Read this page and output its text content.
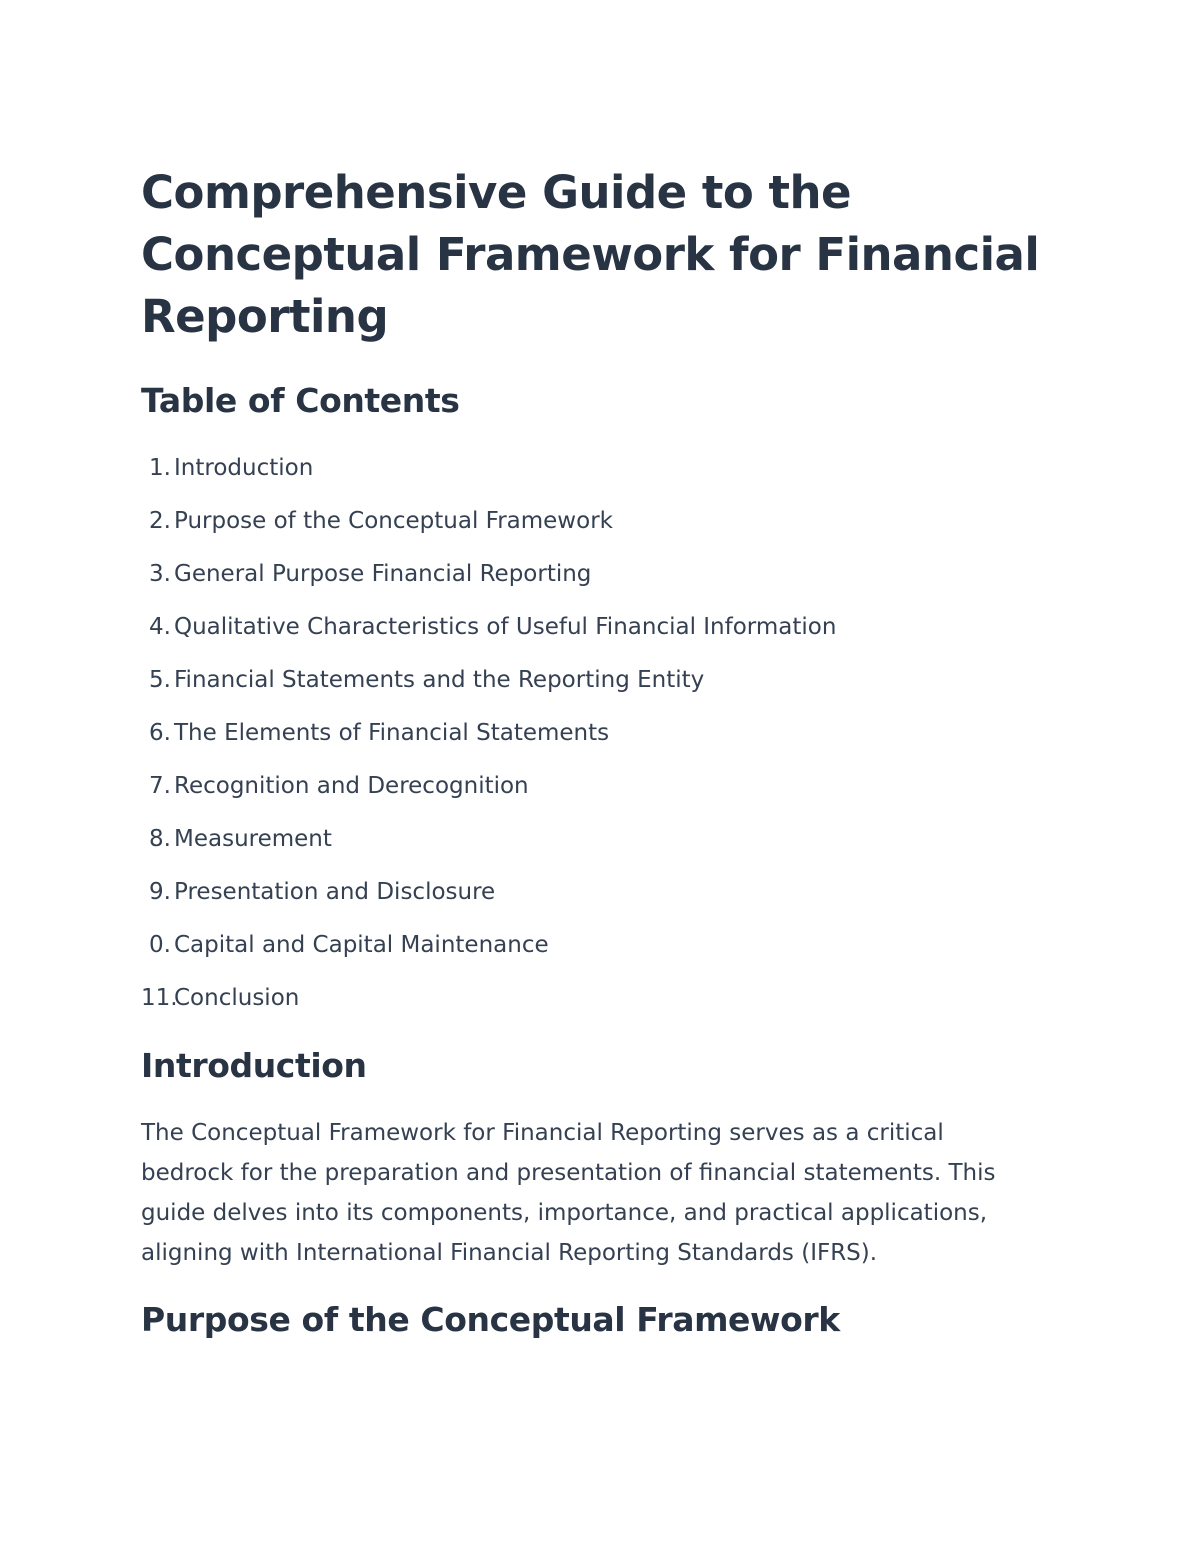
Comprehensive Guide to the
Conceptual Framework for Financial
Reporting
Table of Contents
1. Introduction
2. Purpose of the Conceptual Framework
3. General Purpose Financial Reporting
4. Qualitative Characteristics of Useful Financial Information
5. Financial Statements and the Reporting Entity
6. The Elements of Financial Statements
7. Recognition and Derecognition
8. Measurement
9. Presentation and Disclosure
0. Capital and Capital Maintenance
11.Conclusion
Introduction

The Conceptual Framework for Financial Reporting serves as a critical
bedrock for the preparation and presentation of financial statements. This
guide delves into its components, importance, and practical applications,
aligning with International Financial Reporting Standards (IFRS).

Purpose of the Conceptual Framework
